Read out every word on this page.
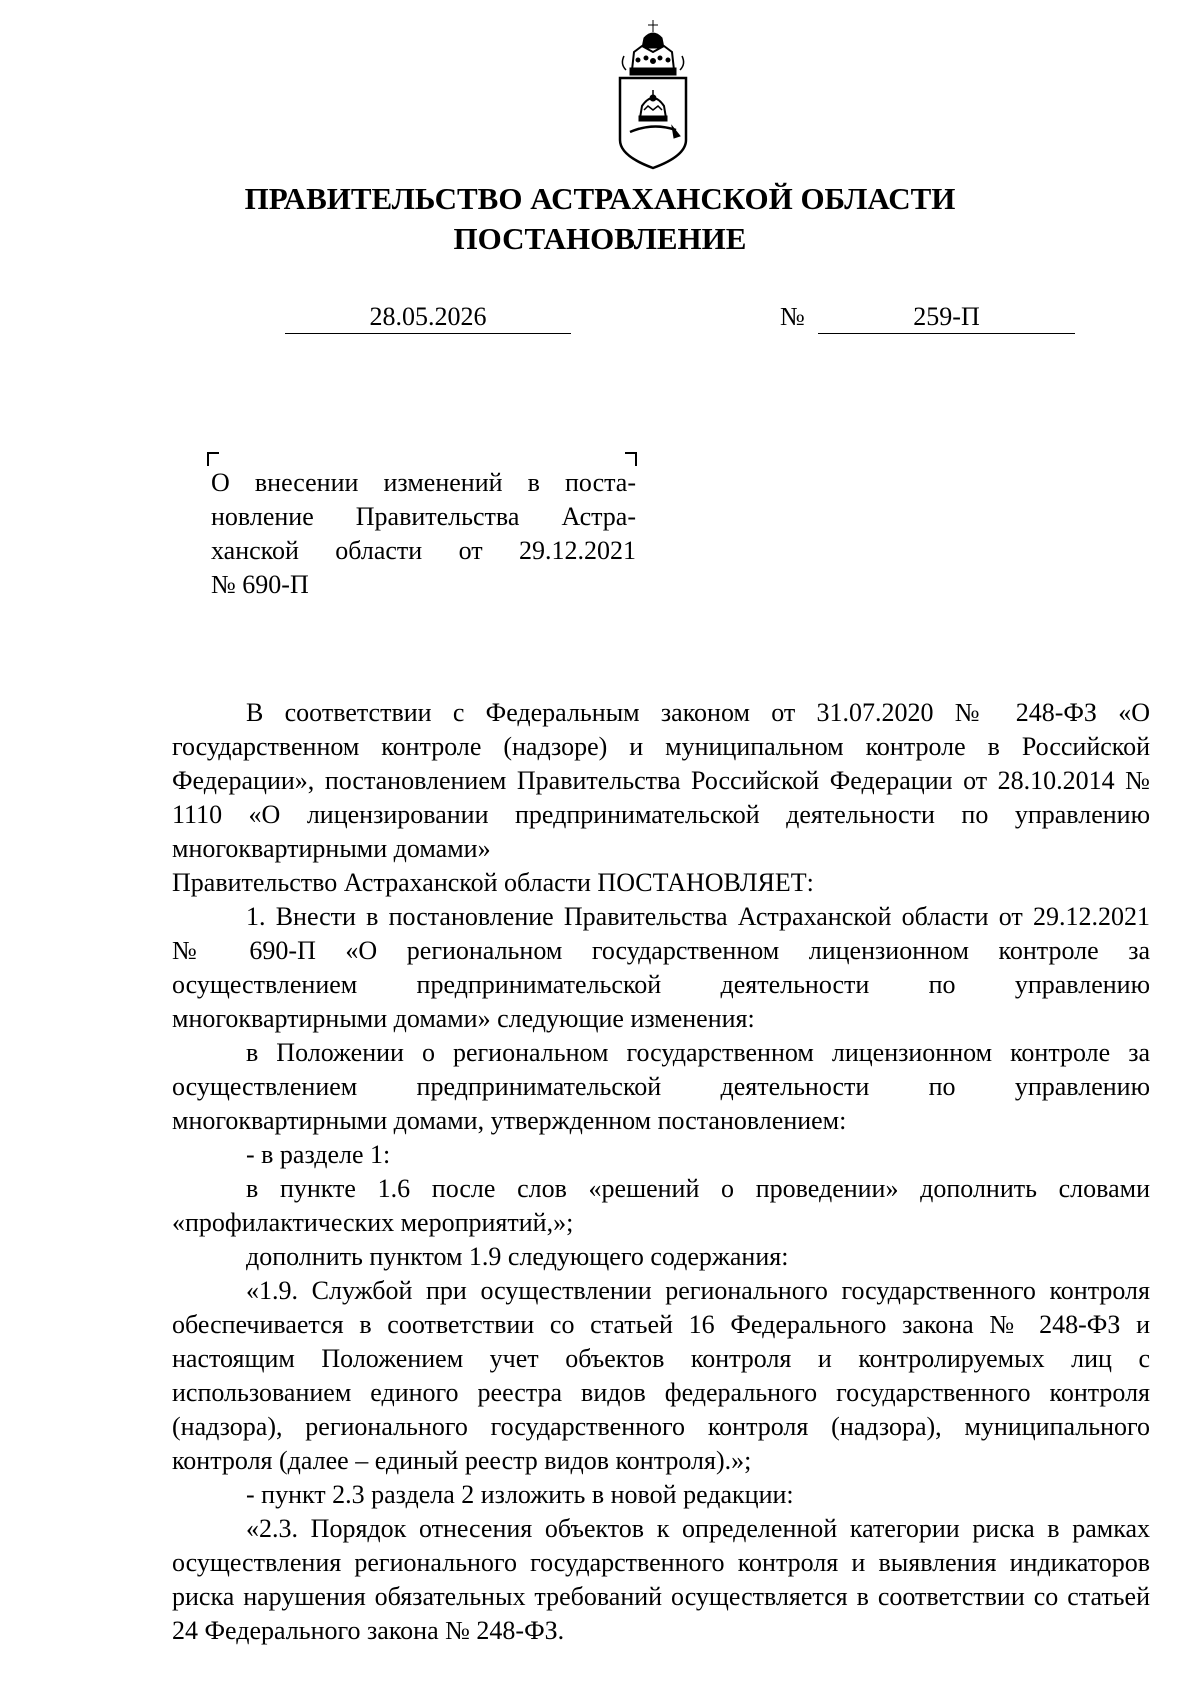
ПРАВИТЕЛЬСТВО АСТРАХАНСКОЙ ОБЛАСТИ
ПОСТАНОВЛЕНИЕ
28.05.2026	№	259-П
О внесении изменений в поста-
новление Правительства Астра-
ханской области от 29.12.2021
№ 690-П

В соответствии с Федеральным законом от 31.07.2020 № 248-ФЗ «О государственном контроле (надзоре) и муниципальном контроле в Российской Федерации», постановлением Правительства Российской Федерации от 28.10.2014 № 1110 «О лицензировании предпринимательской деятельности по управлению многоквартирными домами»

Правительство Астраханской области ПОСТАНОВЛЯЕТ:

1. Внести в постановление Правительства Астраханской области от 29.12.2021 № 690-П «О региональном государственном лицензионном контроле за осуществлением предпринимательской деятельности по управлению многоквартирными домами» следующие изменения:

в Положении о региональном государственном лицензионном контроле за осуществлением предпринимательской деятельности по управлению многоквартирными домами, утвержденном постановлением:

- в разделе 1:

в пункте 1.6 после слов «решений о проведении» дополнить словами «профилактических мероприятий,»;

дополнить пунктом 1.9 следующего содержания:

«1.9. Службой при осуществлении регионального государственного контроля обеспечивается в соответствии со статьей 16 Федерального закона № 248-ФЗ и настоящим Положением учет объектов контроля и контролируемых лиц с использованием единого реестра видов федерального государственного контроля (надзора), регионального государственного контроля (надзора), муниципального контроля (далее – единый реестр видов контроля).»;

- пункт 2.3 раздела 2 изложить в новой редакции:

«2.3. Порядок отнесения объектов к определенной категории риска в рамках осуществления регионального государственного контроля и выявления индикаторов риска нарушения обязательных требований осуществляется в соответствии со статьей 24 Федерального закона № 248-ФЗ.
